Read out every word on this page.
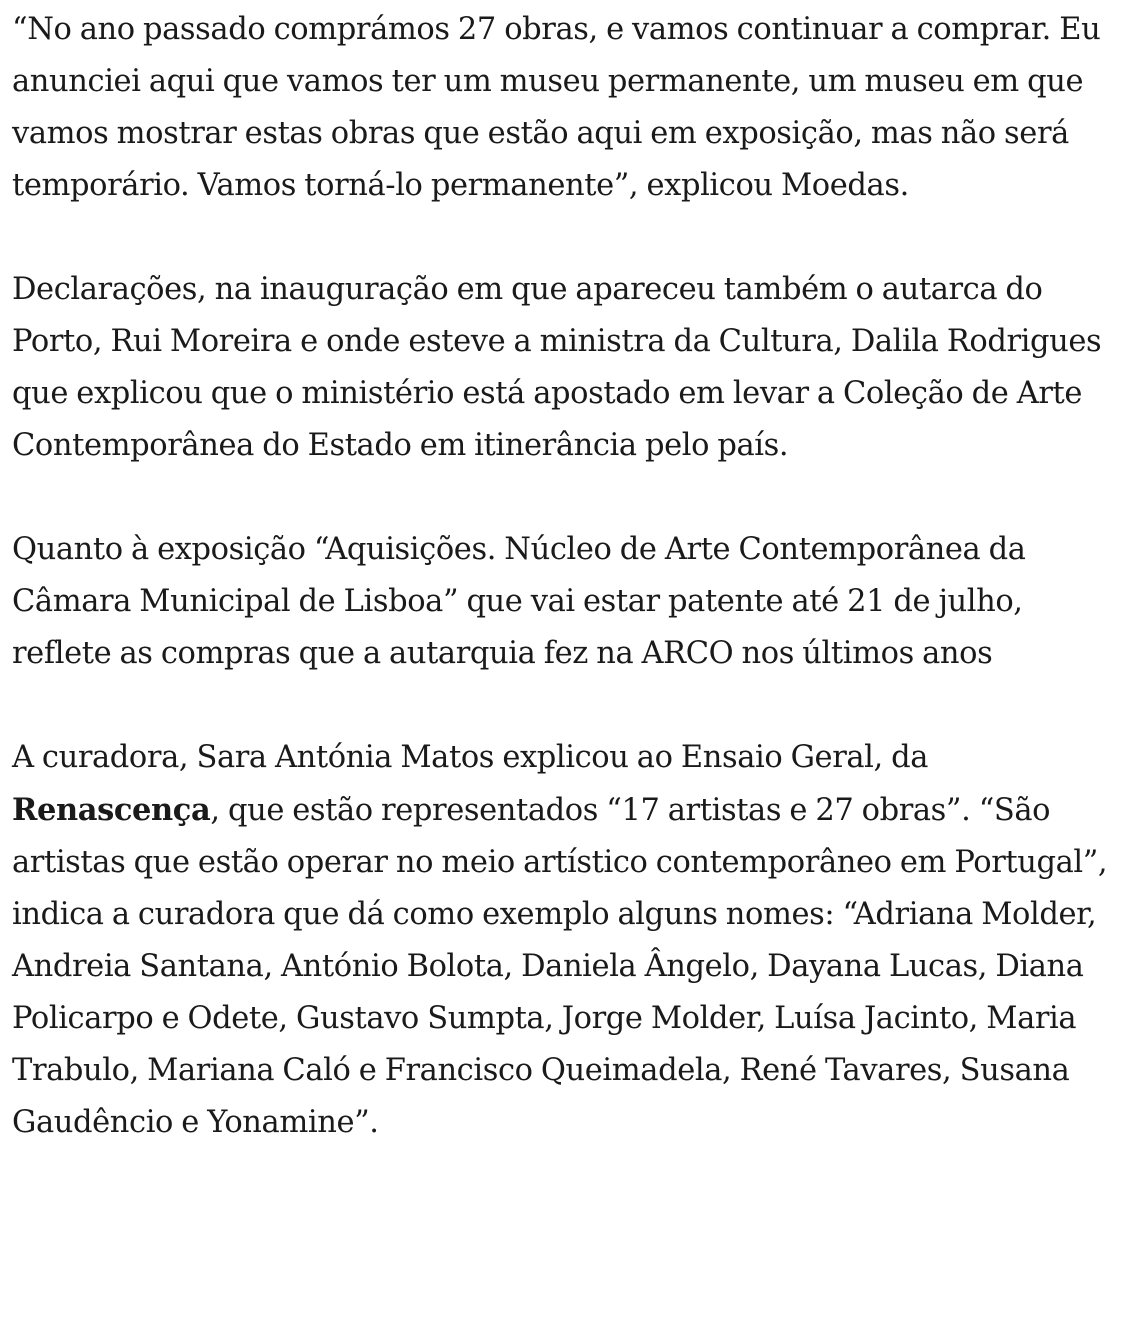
“No ano passado comprámos 27 obras, e vamos continuar a comprar. Eu anunciei aqui que vamos ter um museu permanente, um museu em que vamos mostrar estas obras que estão aqui em exposição, mas não será temporário. Vamos torná-lo permanente”, explicou Moedas.

Declarações, na inauguração em que apareceu também o autarca do Porto, Rui Moreira e onde esteve a ministra da Cultura, Dalila Rodrigues que explicou que o ministério está apostado em levar a Coleção de Arte Contemporânea do Estado em itinerância pelo país.

Quanto à exposição “Aquisições. Núcleo de Arte Contemporânea da Câmara Municipal de Lisboa” que vai estar patente até 21 de julho, reflete as compras que a autarquia fez na ARCO nos últimos anos

A curadora, Sara Antónia Matos explicou ao Ensaio Geral, da Renascença, que estão representados “17 artistas e 27 obras”. “São artistas que estão operar no meio artístico contemporâneo em Portugal”, indica a curadora que dá como exemplo alguns nomes: “Adriana Molder, Andreia Santana, António Bolota, Daniela Ângelo, Dayana Lucas, Diana Policarpo e Odete, Gustavo Sumpta, Jorge Molder, Luísa Jacinto, Maria Trabulo, Mariana Caló e Francisco Queimadela, René Tavares, Susana Gaudêncio e Yonamine”.
